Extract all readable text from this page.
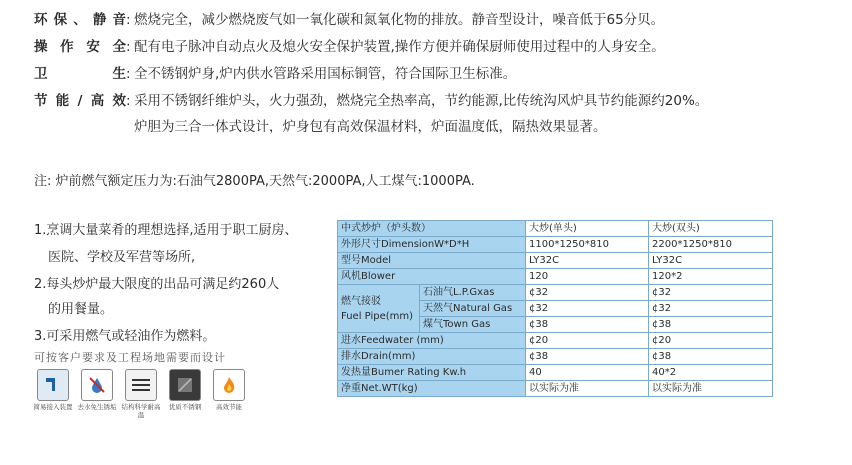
环保、静音: 燃烧完全，减少燃烧废气如一氧化碳和氮氧化物的排放。静音型设计，噪音低于65分贝。
操作安全: 配有电子脉冲自动点火及熄火安全保护装置,操作方便并确保厨师使用过程中的人身安全。
卫生: 全不锈钢炉身,炉内供水管路采用国标铜管，符合国际卫生标准。
节能/高效: 采用不锈钢纤维炉头，火力强劲，燃烧完全热率高，节约能源,比传统沟风炉具节约能源约20%。
炉胆为三合一体式设计，炉身包有高效保温材料，炉面温度低，隔热效果显著。
注: 炉前燃气额定压力为:石油气2800PA,天然气:2000PA,人工煤气:1000PA.
1.烹调大量菜肴的理想选择,适用于职工厨房、
医院、学校及军营等场所,
2.每头炒炉最大限度的出品可满足约260人
的用餐量。
3.可采用燃气或轻油作为燃料。
可按客户要求及工程场地需要而设计
简易接入装置 去水免生锈垢 结构科学耐高温
优质不锈钢	高效节能
中式炒炉（炉头数）		大炒(单头)	大炒(双头)
外形尺寸DimensionW*D*H		1100*1250*810	2200*1250*810
型号Model		LY32C	LY32C
风机Blower		120	120*2

燃气接驳
Fuel Pipe(mm)	石油气L.P.Gxas	¢32	¢32
	天然气Natural Gas	¢32	¢32
	煤气Town Gas	¢38	¢38
进水Feedwater (mm)		¢20	¢20
排水Drain(mm)		¢38	¢38
发热量Bumer Rating Kw.h		40	40*2
净重Net.WT(kg)		以实际为准	以实际为准
